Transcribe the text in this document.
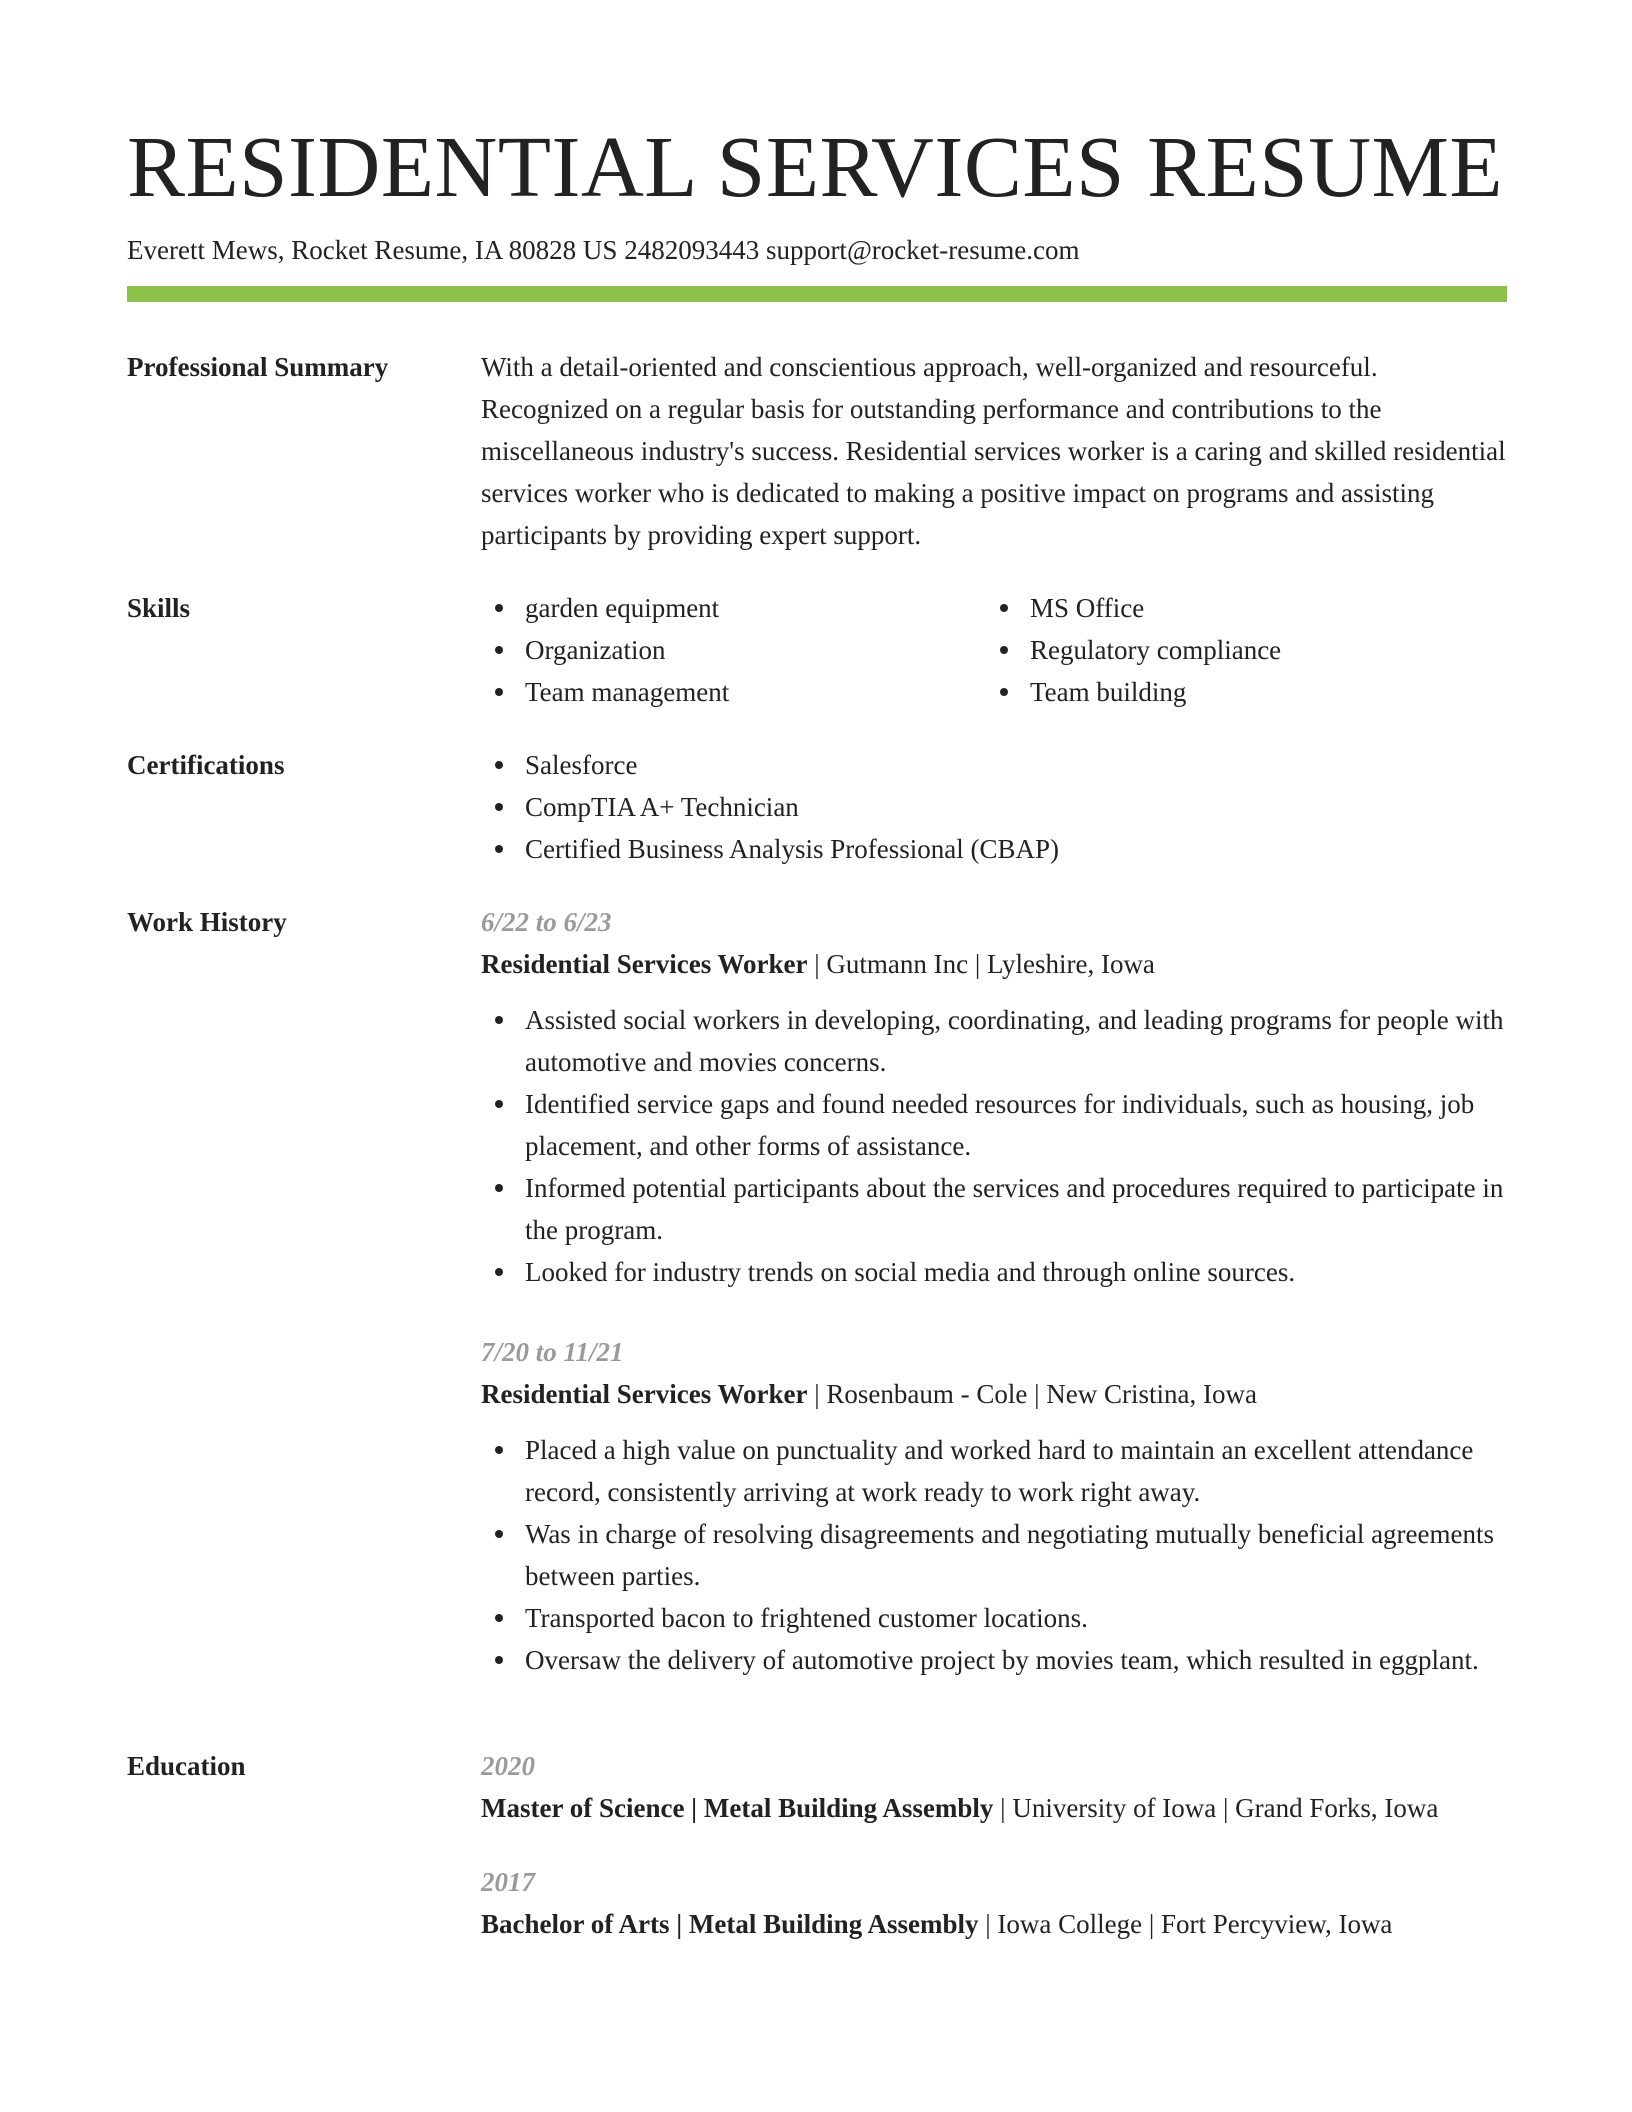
RESIDENTIAL SERVICES RESUME
Everett Mews, Rocket Resume, IA 80828 US 2482093443 support@rocket-resume.com
Professional Summary	With a detail-oriented and conscientious approach, well-organized and resourceful. Recognized on a regular basis for outstanding performance and contributions to the miscellaneous industry's success. Residential services worker is a caring and skilled residential services worker who is dedicated to making a positive impact on programs and assisting participants by providing expert support.

Skills	garden equipment
Organization
Team management
MS Office
Regulatory compliance
Team building
Certifications	Salesforce
CompTIA A+ Technician
Certified Business Analysis Professional (CBAP)
Work History	6/22 to 6/23
Residential Services Worker | Gutmann Inc | Lyleshire, Iowa
Assisted social workers in developing, coordinating, and leading programs for people with automotive and movies concerns.
Identified service gaps and found needed resources for individuals, such as housing, job placement, and other forms of assistance.
Informed potential participants about the services and procedures required to participate in the program.
Looked for industry trends on social media and through online sources.
7/20 to 11/21
Residential Services Worker | Rosenbaum - Cole | New Cristina, Iowa
Placed a high value on punctuality and worked hard to maintain an excellent attendance record, consistently arriving at work ready to work right away.
Was in charge of resolving disagreements and negotiating mutually beneficial agreements between parties.
Transported bacon to frightened customer locations.
Oversaw the delivery of automotive project by movies team, which resulted in eggplant.
Education	2020
Master of Science | Metal Building Assembly | University of Iowa | Grand Forks, Iowa
2017
Bachelor of Arts | Metal Building Assembly | Iowa College | Fort Percyview, Iowa
